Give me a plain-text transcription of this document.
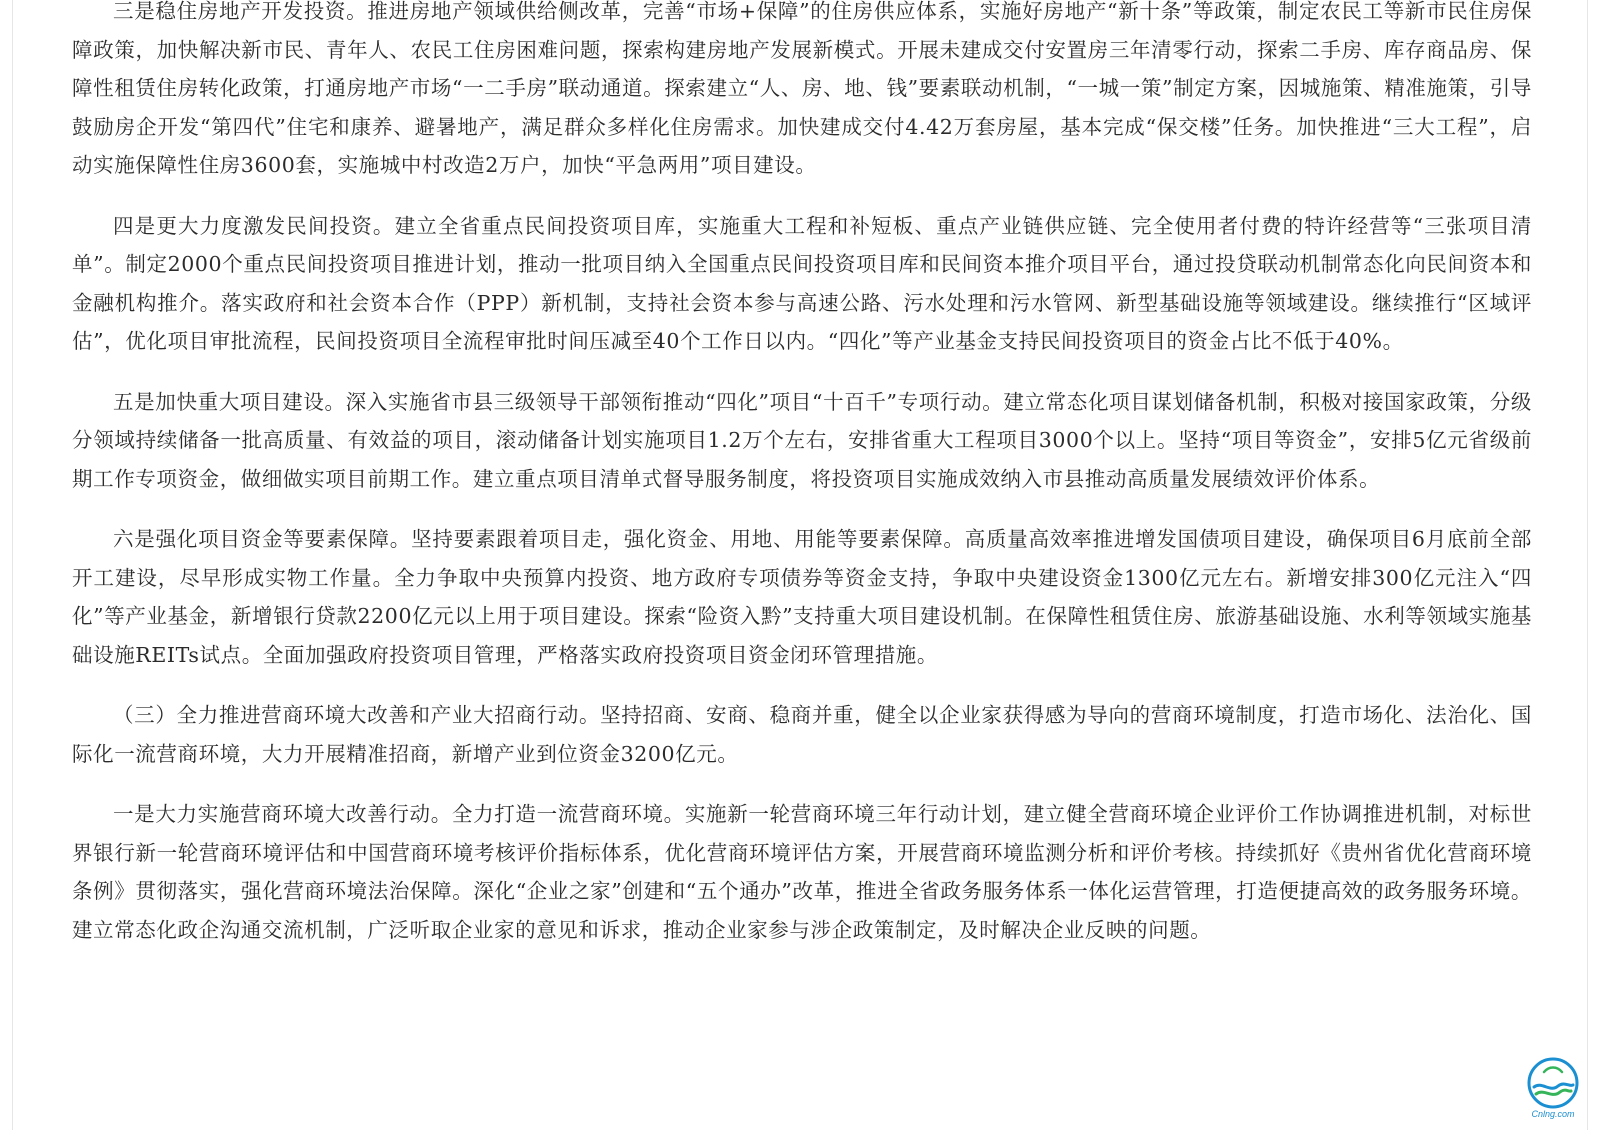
三是稳住房地产开发投资。推进房地产领域供给侧改革，完善“市场+保障”的住房供应体系，实施好房地产“新十条”等政策，制定农民工等新市民住房保障政策，加快解决新市民、青年人、农民工住房困难问题，探索构建房地产发展新模式。开展未建成交付安置房三年清零行动，探索二手房、库存商品房、保障性租赁住房转化政策，打通房地产市场“一二手房”联动通道。探索建立“人、房、地、钱”要素联动机制，“一城一策”制定方案，因城施策、精准施策，引导鼓励房企开发“第四代”住宅和康养、避暑地产，满足群众多样化住房需求。加快建成交付4.42万套房屋，基本完成“保交楼”任务。加快推进“三大工程”，启动实施保障性住房3600套，实施城中村改造2万户，加快“平急两用”项目建设。

四是更大力度激发民间投资。建立全省重点民间投资项目库，实施重大工程和补短板、重点产业链供应链、完全使用者付费的特许经营等“三张项目清单”。制定2000个重点民间投资项目推进计划，推动一批项目纳入全国重点民间投资项目库和民间资本推介项目平台，通过投贷联动机制常态化向民间资本和金融机构推介。落实政府和社会资本合作（PPP）新机制，支持社会资本参与高速公路、污水处理和污水管网、新型基础设施等领域建设。继续推行“区域评估”，优化项目审批流程，民间投资项目全流程审批时间压减至40个工作日以内。“四化”等产业基金支持民间投资项目的资金占比不低于40%。

五是加快重大项目建设。深入实施省市县三级领导干部领衔推动“四化”项目“十百千”专项行动。建立常态化项目谋划储备机制，积极对接国家政策，分级分领域持续储备一批高质量、有效益的项目，滚动储备计划实施项目1.2万个左右，安排省重大工程项目3000个以上。坚持“项目等资金”，安排5亿元省级前期工作专项资金，做细做实项目前期工作。建立重点项目清单式督导服务制度，将投资项目实施成效纳入市县推动高质量发展绩效评价体系。

六是强化项目资金等要素保障。坚持要素跟着项目走，强化资金、用地、用能等要素保障。高质量高效率推进增发国债项目建设，确保项目6月底前全部开工建设，尽早形成实物工作量。全力争取中央预算内投资、地方政府专项债券等资金支持，争取中央建设资金1300亿元左右。新增安排300亿元注入“四化”等产业基金，新增银行贷款2200亿元以上用于项目建设。探索“险资入黔”支持重大项目建设机制。在保障性租赁住房、旅游基础设施、水利等领域实施基础设施REITs试点。全面加强政府投资项目管理，严格落实政府投资项目资金闭环管理措施。

（三）全力推进营商环境大改善和产业大招商行动。坚持招商、安商、稳商并重，健全以企业家获得感为导向的营商环境制度，打造市场化、法治化、国际化一流营商环境，大力开展精准招商，新增产业到位资金3200亿元。

一是大力实施营商环境大改善行动。全力打造一流营商环境。实施新一轮营商环境三年行动计划，建立健全营商环境企业评价工作协调推进机制，对标世界银行新一轮营商环境评估和中国营商环境考核评价指标体系，优化营商环境评估方案，开展营商环境监测分析和评价考核。持续抓好《贵州省优化营商环境条例》贯彻落实，强化营商环境法治保障。深化“企业之家”创建和“五个通办”改革，推进全省政务服务体系一体化运营管理，打造便捷高效的政务服务环境。建立常态化政企沟通交流机制，广泛听取企业家的意见和诉求，推动企业家参与涉企政策制定，及时解决企业反映的问题。

Cnlng.com
